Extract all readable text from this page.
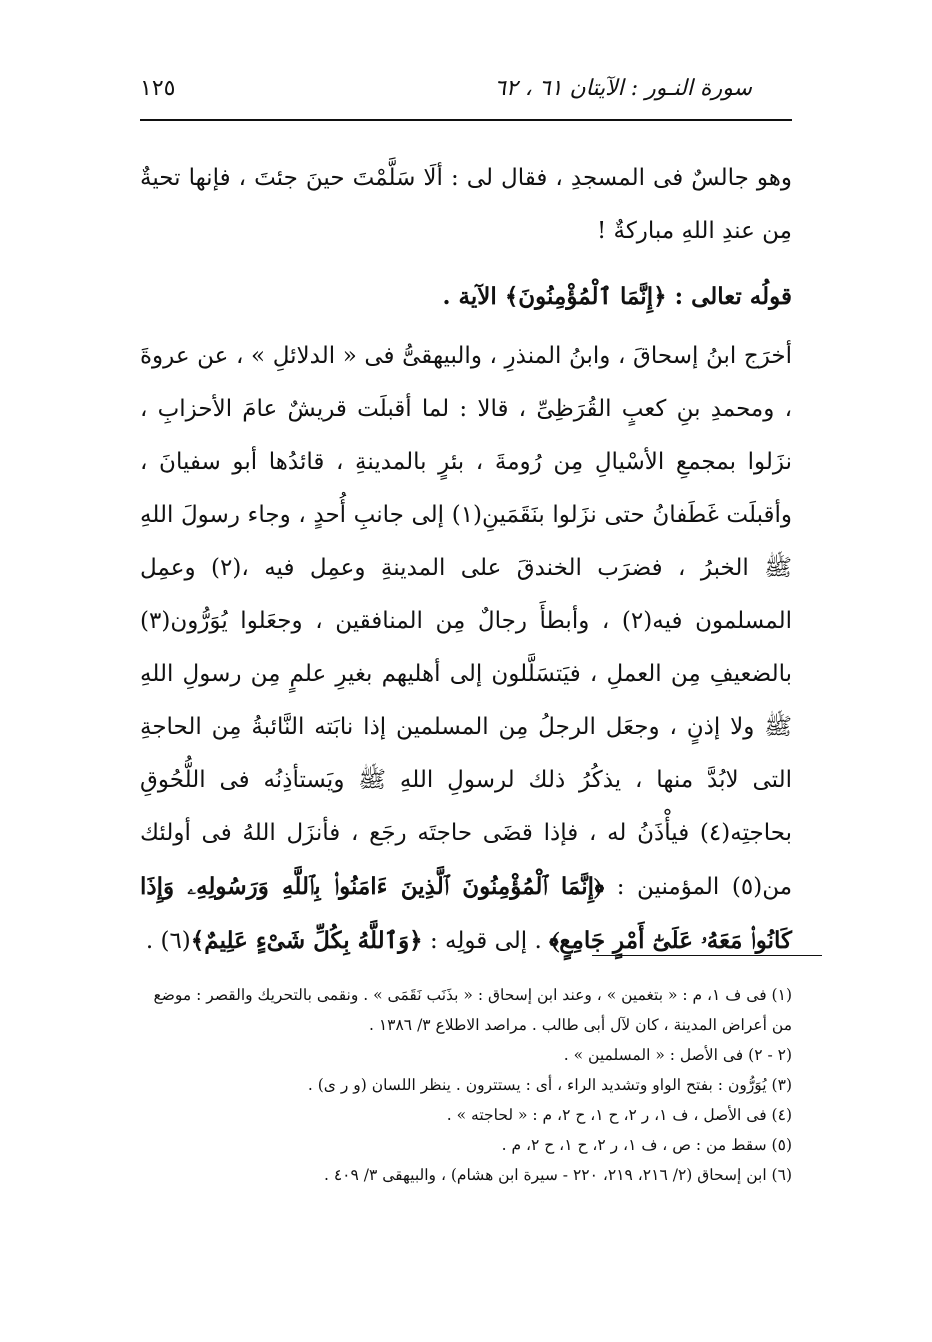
سورة النـور : الآيتان ٦١ ، ٦٢
١٢٥

وهو جالسٌ فى المسجدِ ، فقال لى : ألَا سَلَّمْتَ حينَ جئتَ ، فإنها تحيةٌ مِن عندِ اللهِ مباركةٌ !

قولُه تعالى : ﴿إِنَّمَا ٱلْمُؤْمِنُونَ﴾ الآية .

أخرَج ابنُ إسحاقَ ، وابنُ المنذرِ ، والبيهقىُّ فى « الدلائلِ » ، عن عروةَ ، ومحمدِ بنِ كعبٍ القُرَظِىِّ ، قالا : لما أقبلَت قريشٌ عامَ الأحزابِ ، نزَلوا بمجمعِ الأسْيالِ مِن رُومةَ ، بئرٍ بالمدينةِ ، قائدُها أبو سفيانَ ، وأقبلَت غَطَفانُ حتى نزَلوا بنَقَمَينِ(١) إلى جانبِ أُحدٍ ، وجاء رسولَ اللهِ ﷺ الخبرُ ، فضرَب الخندقَ على المدينةِ وعمِل فيه ،(٢) وعمِل المسلمون فيه(٢) ، وأبطأَ رجالٌ مِن المنافقين ، وجعَلوا يُوَرُّون(٣) بالضعيفِ مِن العملِ ، فيَتسَلَّلون إلى أهليهم بغيرِ علمٍ مِن رسولِ اللهِ ﷺ ولا إذنٍ ، وجعَل الرجلُ مِن المسلمين إذا نابَته النَّائبةُ مِن الحاجةِ التى لابُدَّ منها ، يذكُرُ ذلك لرسولِ اللهِ ﷺ ويَستأذِنُه فى اللُّحُوقِ بحاجتِه(٤) فيأْذَنُ له ، فإذا قضَى حاجتَه رجَع ، فأنزَل اللهُ فى أولئك من(٥) المؤمنين : ﴿إِنَّمَا ٱلْمُؤْمِنُونَ ٱلَّذِينَ ءَامَنُوا۟ بِٱللَّهِ وَرَسُولِهِۦ وَإِذَا كَانُوا۟ مَعَهُۥ عَلَىٰٓ أَمْرٍ جَامِعٍ﴾ . إلى قولِه : ﴿وَٱللَّهُ بِكُلِّ شَىْءٍ عَلِيمٌ﴾(٦) .

(١) فى ف ١، م : « بتغمين » ، وعند ابن إسحاق : « بذَنَب نَقَمَى » . ونقمى بالتحريك والقصر : موضع من أعراض المدينة ، كان لآل أبى طالب . مراصد الاطلاع ٣/ ١٣٨٦ .

(٢ - ٢) فى الأصل : « المسلمين » .

(٣) يُوَرُّون : بفتح الواو وتشديد الراء ، أى : يستترون . ينظر اللسان (و ر ى) .

(٤) فى الأصل ، ف ١، ر ٢، ح ١، ح ٢، م : « لحاجته » .

(٥) سقط من : ص ، ف ١، ر ٢، ح ١، ح ٢، م .

(٦) ابن إسحاق (٢/ ٢١٦، ٢١٩، ٢٢٠ - سيرة ابن هشام) ، والبيهقى ٣/ ٤٠٩ .
